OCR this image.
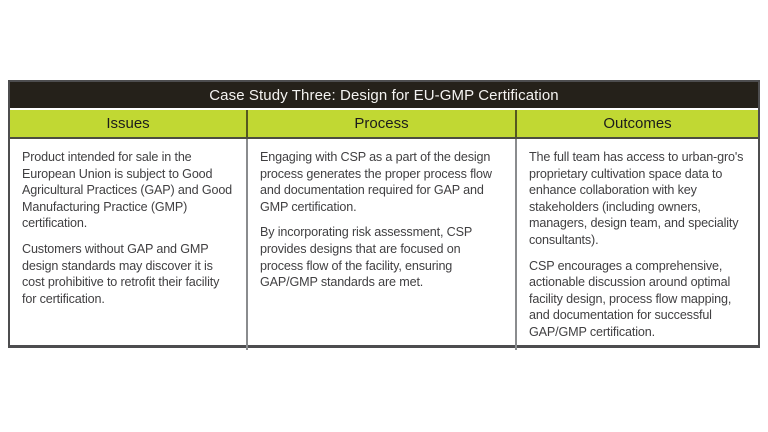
Case Study Three: Design for EU-GMP Certification
Issues	Process	Outcomes

Product intended for sale in the European Union is subject to Good Agricultural Practices (GAP) and Good Manufacturing Practice (GMP) certification.

Customers without GAP and GMP design standards may discover it is cost prohibitive to retrofit their facility for certification.

Engaging with CSP as a part of the design process generates the proper process flow and documentation required for GAP and GMP certification.

By incorporating risk assessment, CSP provides designs that are focused on process flow of the facility, ensuring GAP/GMP standards are met.

The full team has access to urban-gro's proprietary cultivation space data to enhance collaboration with key stakeholders (including owners, managers, design team, and speciality consultants).

CSP encourages a comprehensive, actionable discussion around optimal facility design, process flow mapping, and documentation for successful GAP/GMP certification.
